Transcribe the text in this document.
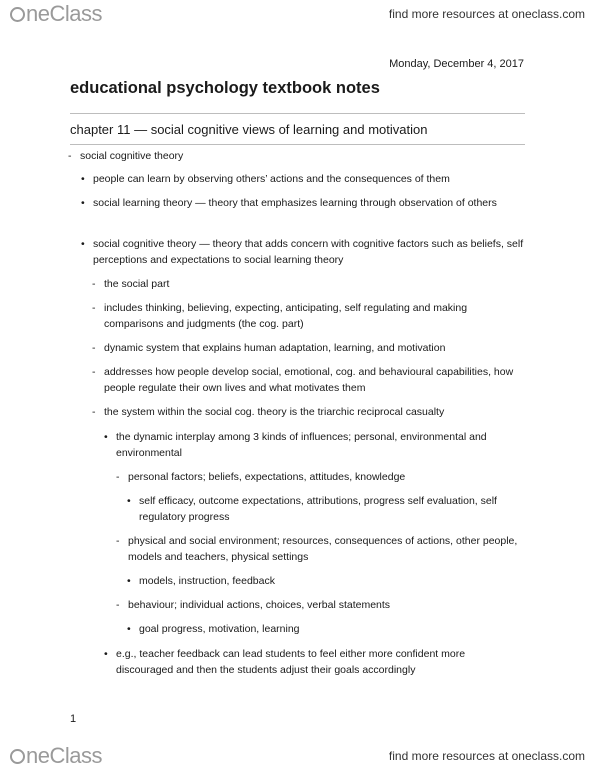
neClass	find more resources at oneclass.com
Monday, December 4, 2017
educational psychology textbook notes
chapter 11 — social cognitive views of learning and motivation
- social cognitive theory
• people can learn by observing others’ actions and the consequences of them
• social learning theory — theory that emphasizes learning through observation of others
• social cognitive theory — theory that adds concern with cognitive factors such as beliefs, self perceptions and expectations to social learning theory
- the social part
- includes thinking, believing, expecting, anticipating, self regulating and making comparisons and judgments (the cog. part)
- dynamic system that explains human adaptation, learning, and motivation
- addresses how people develop social, emotional, cog. and behavioural capabilities, how people regulate their own lives and what motivates them
- the system within the social cog. theory is the triarchic reciprocal casualty
• the dynamic interplay among 3 kinds of influences; personal, environmental and environmental
- personal factors; beliefs, expectations, attitudes, knowledge
• self efficacy, outcome expectations, attributions, progress self evaluation, self regulatory progress
- physical and social environment; resources, consequences of actions, other people, models and teachers, physical settings
• models, instruction, feedback
- behaviour; individual actions, choices, verbal statements
• goal progress, motivation, learning
• e.g., teacher feedback can lead students to feel either more confident more discouraged and then the students adjust their goals accordingly
1
neClass	find more resources at oneclass.com
